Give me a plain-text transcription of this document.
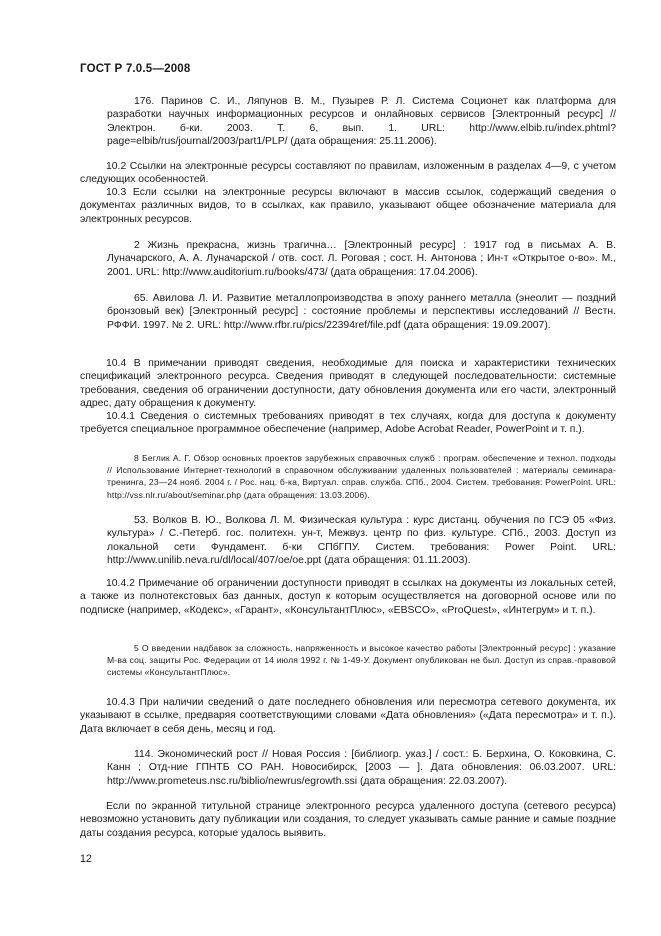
ГОСТ Р 7.0.5—2008
176. Паринов С. И., Ляпунов В. М., Пузырев Р. Л. Система Соционет как платформа для разработки научных информационных ресурсов и онлайновых сервисов [Электронный ресурс] // Электрон. б-ки. 2003. Т. 6, вып. 1. URL: http://www.elbib.ru/index.phtml?page=elbib/rus/journal/2003/part1/PLP/ (дата обращения: 25.11.2006).
10.2 Ссылки на электронные ресурсы составляют по правилам, изложенным в разделах 4—9, с учетом следующих особенностей.
10.3 Если ссылки на электронные ресурсы включают в массив ссылок, содержащий сведения о документах различных видов, то в ссылках, как правило, указывают общее обозначение материала для электронных ресурсов.
2 Жизнь прекрасна, жизнь трагична… [Электронный ресурс] : 1917 год в письмах А. В. Луначарского, А. А. Луначарской / отв. сост. Л. Роговая ; сост. Н. Антонова ; Ин-т «Открытое о-во». М., 2001. URL: http://www.auditorium.ru/books/473/ (дата обращения: 17.04.2006).
65. Авилова Л. И. Развитие металлопроизводства в эпоху раннего металла (энеолит — поздний бронзовый век) [Электронный ресурс] : состояние проблемы и перспективы исследований // Вестн. РФФИ. 1997. № 2. URL: http://www.rfbr.ru/pics/22394ref/file.pdf (дата обращения: 19.09.2007).
10.4 В примечании приводят сведения, необходимые для поиска и характеристики технических спецификаций электронного ресурса. Сведения приводят в следующей последовательности: системные требования, сведения об ограничении доступности, дату обновления документа или его части, электронный адрес, дату обращения к документу.
10.4.1 Сведения о системных требованиях приводят в тех случаях, когда для доступа к документу требуется специальное программное обеспечение (например, Adobe Acrobat Reader, PowerPoint и т. п.).
8 Беглик А. Г. Обзор основных проектов зарубежных справочных служб : програм. обеспечение и технол. подходы // Использование Интернет-технологий в справочном обслуживании удаленных пользователей : материалы семинара-тренинга, 23—24 нояб. 2004 г. / Рос. нац. б-ка, Виртуал. справ. служба. СПб., 2004. Систем. требования: PowerPoint. URL: http://vss.nlr.ru/about/seminar.php (дата обращения: 13.03.2006).
53. Волков В. Ю., Волкова Л. М. Физическая культура : курс дистанц. обучения по ГСЭ 05 «Физ. культура» / С.-Петерб. гос. политехн. ун-т, Межвуз. центр по физ. культуре. СПб., 2003. Доступ из локальной сети Фундамент. б-ки СПбГПУ. Систем. требования: Power Point. URL: http://www.unilib.neva.ru/dl/local/407/oe/oe.ppt (дата обращения: 01.11.2003).
10.4.2 Примечание об ограничении доступности приводят в ссылках на документы из локальных сетей, а также из полнотекстовых баз данных, доступ к которым осуществляется на договорной основе или по подписке (например, «Кодекс», «Гарант», «КонсультантПлюс», «EBSCO», «ProQuest», «Интегрум» и т. п.).
5 О введении надбавок за сложность, напряженность и высокое качество работы [Электронный ресурс] : указание М-ва соц. защиты Рос. Федерации от 14 июля 1992 г. № 1-49-У. Документ опубликован не был. Доступ из справ.-правовой системы «КонсультантПлюс».
10.4.3 При наличии сведений о дате последнего обновления или пересмотра сетевого документа, их указывают в ссылке, предваряя соответствующими словами «Дата обновления» («Дата пересмотра» и т. п.). Дата включает в себя день, месяц и год.
114. Экономический рост // Новая Россия : [библиогр. указ.] / сост.: Б. Берхина, О. Коковкина, С. Канн ; Отд-ние ГПНТБ СО РАН. Новосибирск, [2003 — ]. Дата обновления: 06.03.2007. URL: http://www.prometeus.nsc.ru/biblio/newrus/egrowth.ssi (дата обращения: 22.03.2007).
Если по экранной титульной странице электронного ресурса удаленного доступа (сетевого ресурса) невозможно установить дату публикации или создания, то следует указывать самые ранние и самые поздние даты создания ресурса, которые удалось выявить.
12
